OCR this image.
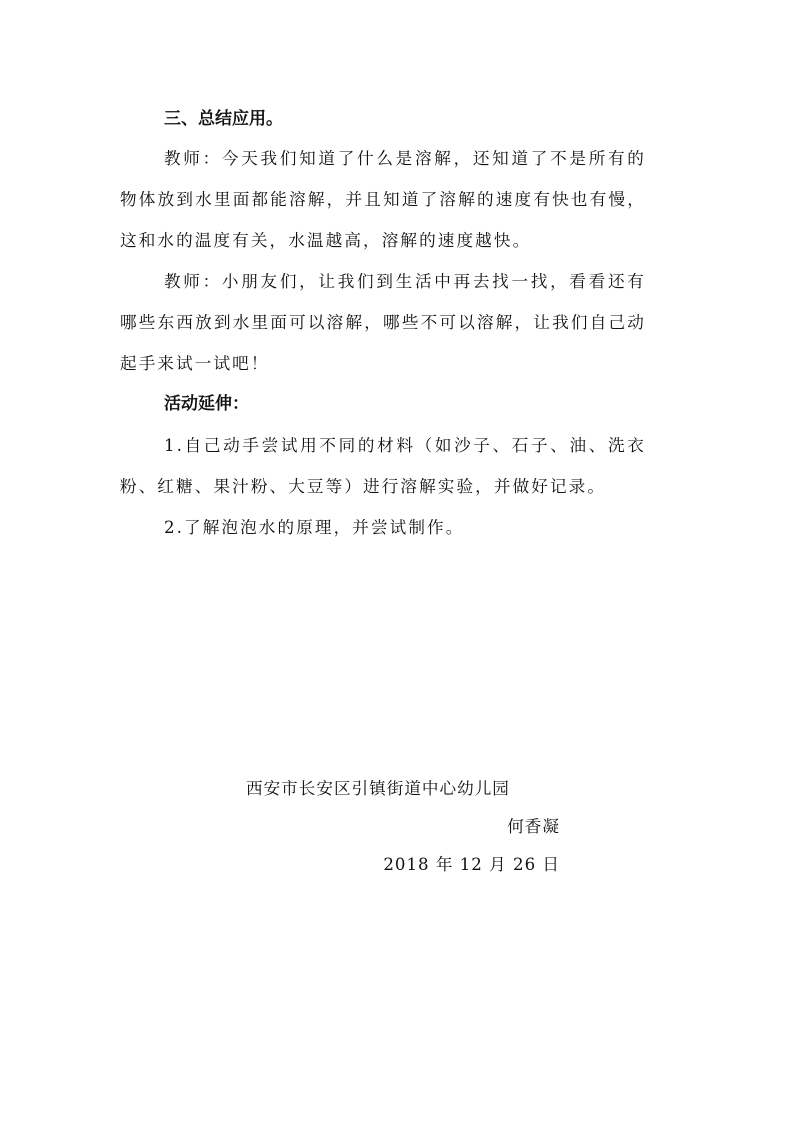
三、总结应用。

教师：今天我们知道了什么是溶解，还知道了不是所有的物体放到水里面都能溶解，并且知道了溶解的速度有快也有慢，这和水的温度有关，水温越高，溶解的速度越快。

教师：小朋友们，让我们到生活中再去找一找，看看还有哪些东西放到水里面可以溶解，哪些不可以溶解，让我们自己动起手来试一试吧！

活动延伸：

1.自己动手尝试用不同的材料（如沙子、石子、油、洗衣粉、红糖、果汁粉、大豆等）进行溶解实验，并做好记录。

2.了解泡泡水的原理，并尝试制作。

西安市长安区引镇街道中心幼儿园

何香凝

2018 年 12 月 26 日
